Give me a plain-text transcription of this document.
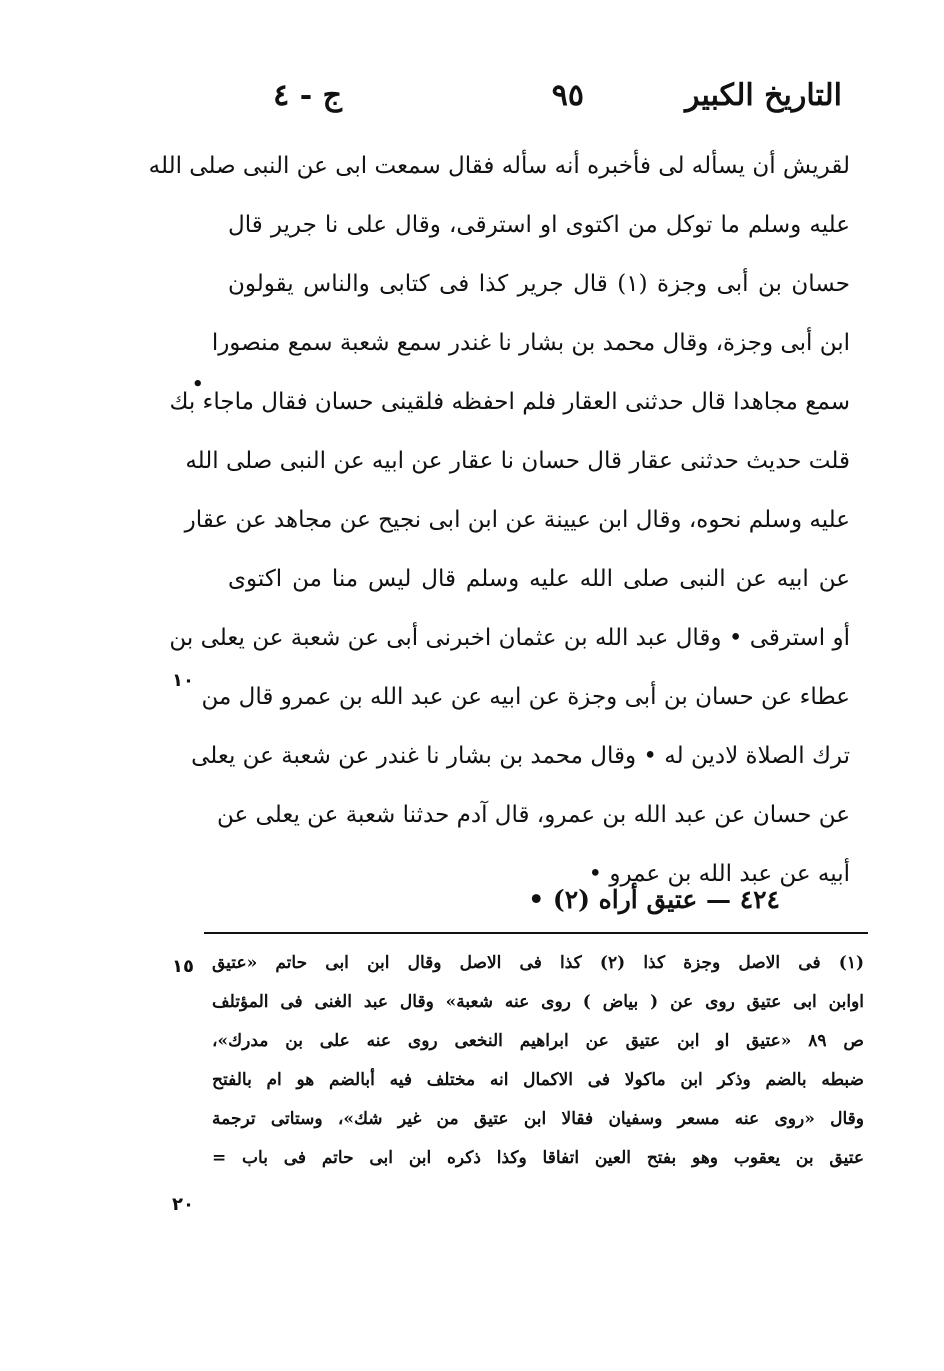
التاريخ الكبير
٩٥
ج - ٤
لقريش أن يسأله لى فأخبره أنه سأله فقال سمعت ابى عن النبى صلى الله
عليه وسلم ما توكل من اكتوى او استرقى، وقال على نا جرير قال
حسان بن أبى وجزة (١) قال جرير كذا فى كتابى والناس يقولون
ابن أبى وجزة، وقال محمد بن بشار نا غندر سمع شعبة سمع منصورا
سمع مجاهدا قال حدثنى العقار فلم احفظه فلقينى حسان فقال ماجاء بك
قلت حديث حدثنى عقار قال حسان نا عقار عن ابيه عن النبى صلى الله
عليه وسلم نحوه، وقال ابن عيينة عن ابن ابى نجيح عن مجاهد عن عقار
عن ابيه عن النبى صلى الله عليه وسلم قال ليس منا من اكتوى
أو استرقى • وقال عبد الله بن عثمان اخبرنى أبى عن شعبة عن يعلى بن
عطاء عن حسان بن أبى وجزة عن ابيه عن عبد الله بن عمرو قال من
ترك الصلاة لادين له • وقال محمد بن بشار نا غندر عن شعبة عن يعلى
عن حسان عن عبد الله بن عمرو، قال آدم حدثنا شعبة عن يعلى عن
أبيه عن عبد الله بن عمرو •
٤٢٤ — عتيق أراه (٢) •
•
١٠
(١) فى الاصل وجزة كذا (٢) كذا فى الاصل وقال ابن ابى حاتم «عتيق
اوابن ابى عتيق روى عن ( بياض ) روى عنه شعبة» وقال عبد الغنى فى المؤتلف
ص ٨٩ «عتيق او ابن عتيق عن ابراهيم النخعى روى عنه على بن مدرك»،
ضبطه بالضم وذكر ابن ماكولا فى الاكمال انه مختلف فيه أبالضم هو ام بالفتح
وقال «روى عنه مسعر وسفيان فقالا ابن عتيق من غير شك»، وستاتى ترجمة
عتيق بن يعقوب وهو بفتح العين اتفاقا وكذا ذكره ابن ابى حاتم فى باب =
١٥
٢٠
